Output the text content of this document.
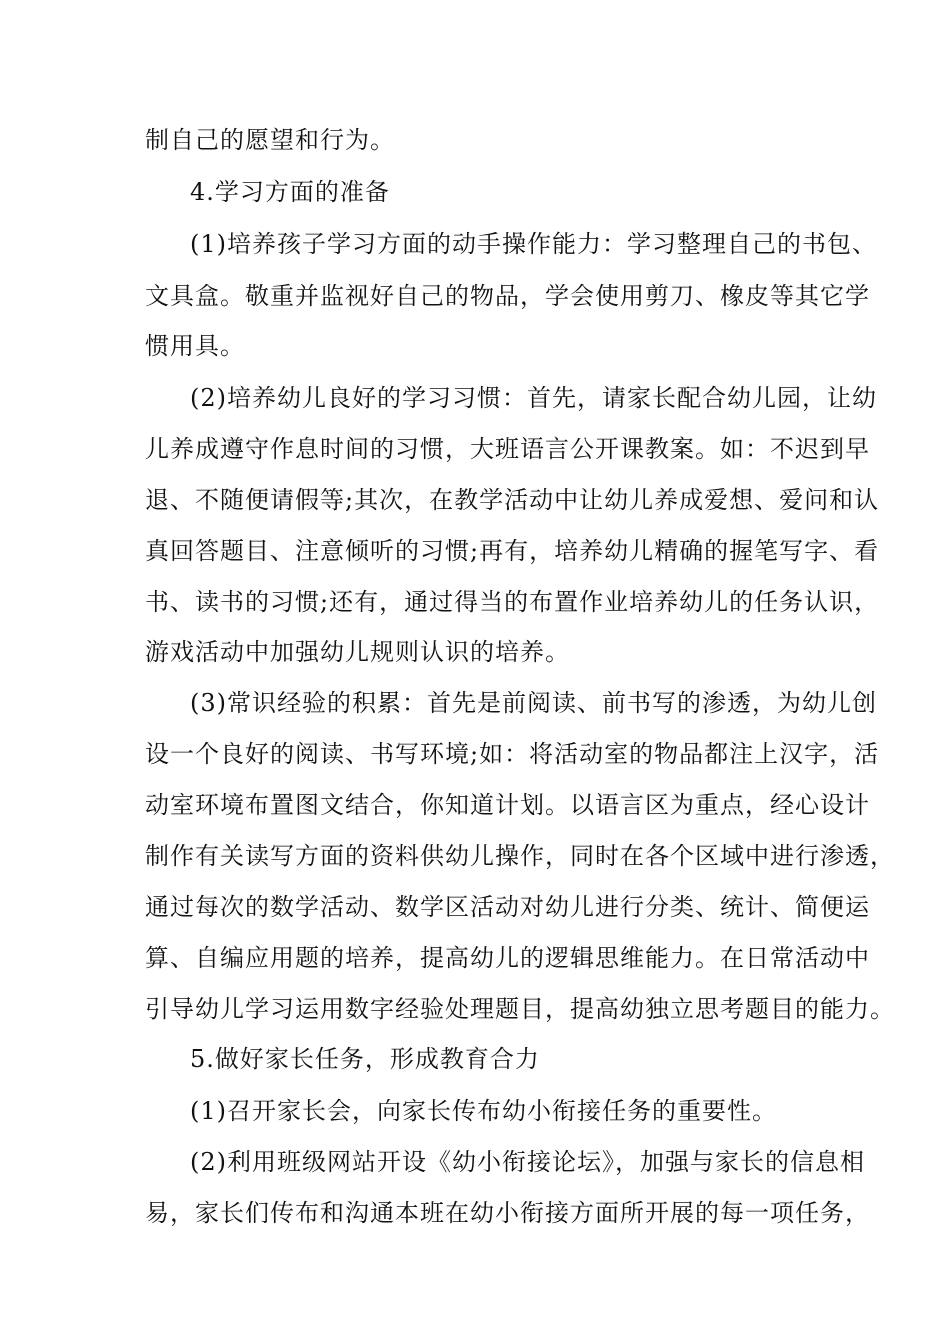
制自己的愿望和行为。
4.学习方面的准备
(1)培养孩子学习方面的动手操作能力：学习整理自己的书包、
文具盒。敬重并监视好自己的物品，学会使用剪刀、橡皮等其它学
惯用具。
(2)培养幼儿良好的学习习惯：首先，请家长配合幼儿园，让幼
儿养成遵守作息时间的习惯，大班语言公开课教案。如：不迟到早
退、不随便请假等;其次，在教学活动中让幼儿养成爱想、爱问和认
真回答题目、注意倾听的习惯;再有，培养幼儿精确的握笔写字、看
书、读书的习惯;还有，通过得当的布置作业培养幼儿的任务认识，
游戏活动中加强幼儿规则认识的培养。
(3)常识经验的积累：首先是前阅读、前书写的渗透，为幼儿创
设一个良好的阅读、书写环境;如：将活动室的物品都注上汉字，活
动室环境布置图文结合，你知道计划。以语言区为重点，经心设计
制作有关读写方面的资料供幼儿操作，同时在各个区域中进行渗透，
通过每次的数学活动、数学区活动对幼儿进行分类、统计、简便运
算、自编应用题的培养，提高幼儿的逻辑思维能力。在日常活动中
引导幼儿学习运用数字经验处理题目，提高幼独立思考题目的能力。
5.做好家长任务，形成教育合力
(1)召开家长会，向家长传布幼小衔接任务的重要性。
(2)利用班级网站开设《幼小衔接论坛》，加强与家长的信息相
易，家长们传布和沟通本班在幼小衔接方面所开展的每一项任务，
